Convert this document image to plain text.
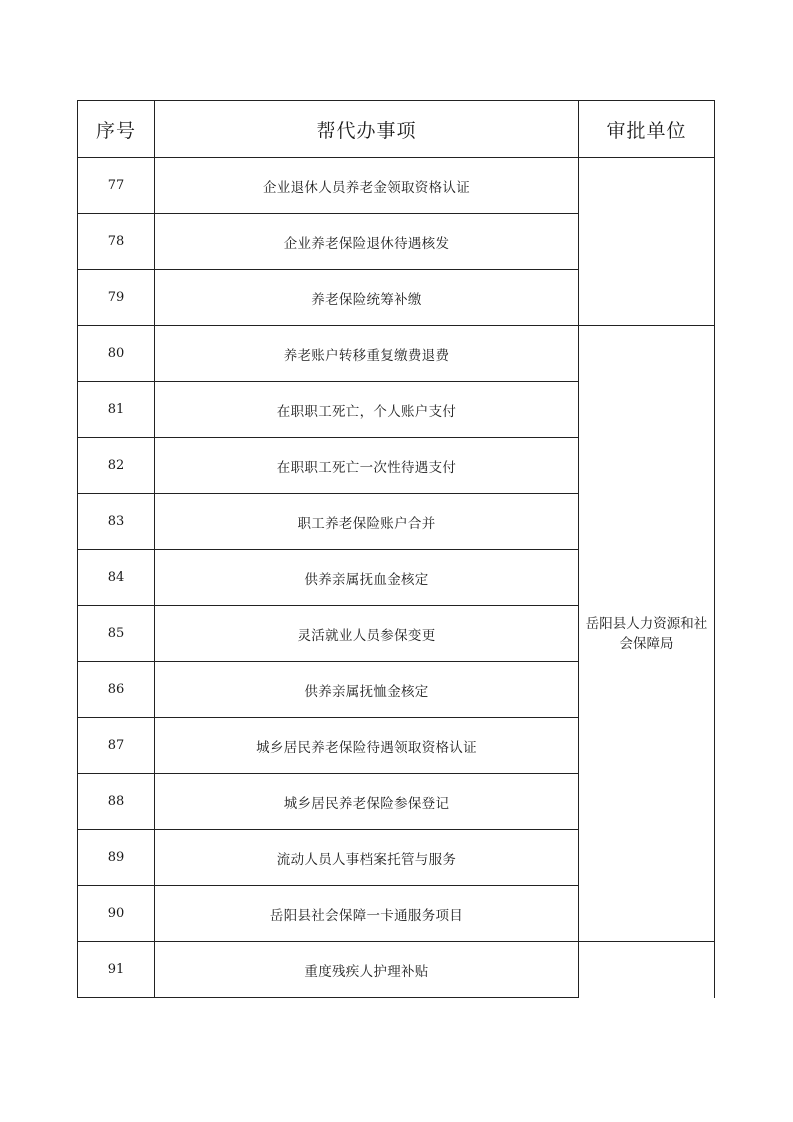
序号	帮代办事项	审批单位
77	企业退休人员养老金领取资格认证	
78	企业养老保险退休待遇核发	
79	养老保险统筹补缴	
80	养老账户转移重复缴费退费	岳阳县人力资源和社会保障局
81	在职职工死亡，个人账户支付	
82	在职职工死亡一次性待遇支付	
83	职工养老保险账户合并	
84	供养亲属抚血金核定	
85	灵活就业人员参保变更	
86	供养亲属抚恤金核定	
87	城乡居民养老保险待遇领取资格认证	
88	城乡居民养老保险参保登记	
89	流动人员人事档案托管与服务	
90	岳阳县社会保障一卡通服务项目	
91	重度残疾人护理补贴	
